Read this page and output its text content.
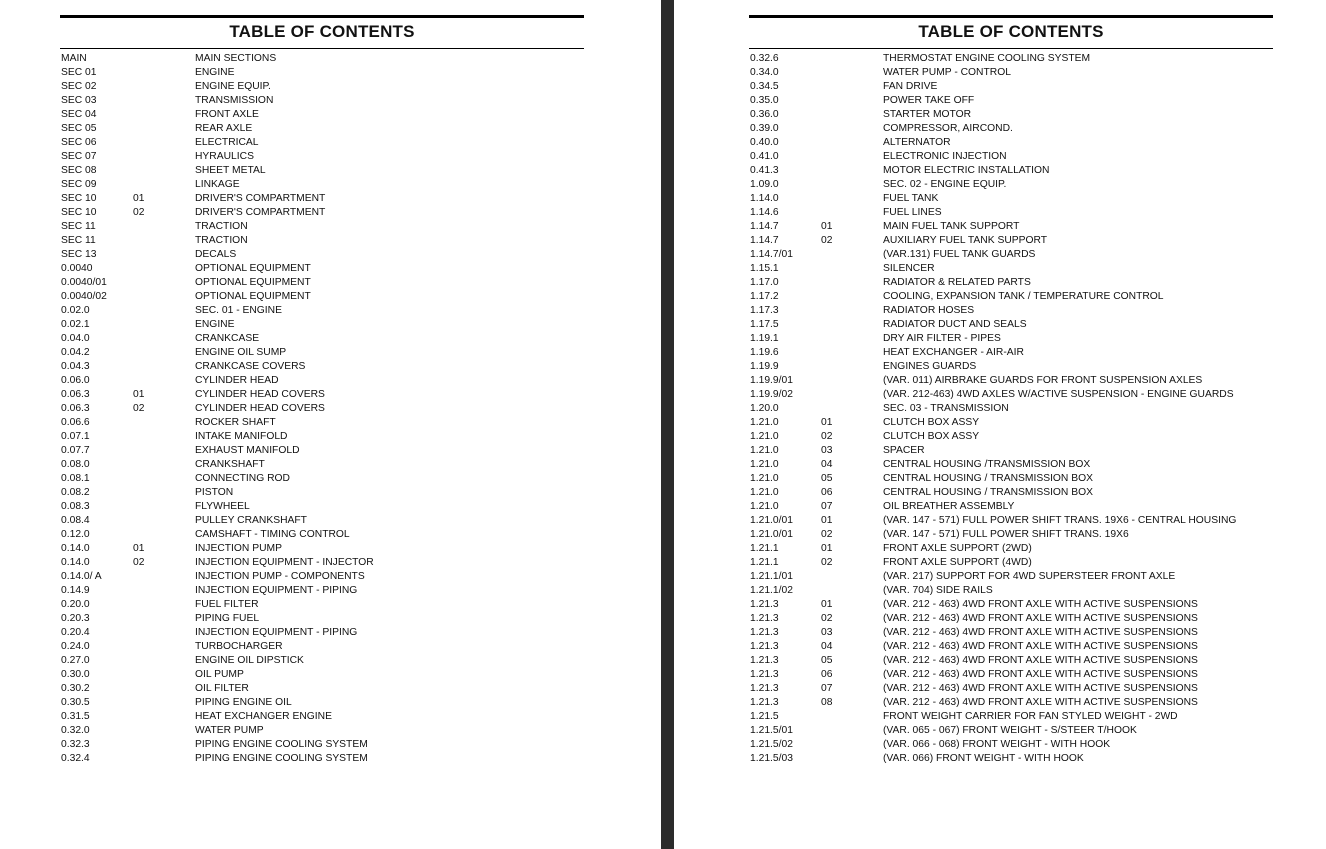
TABLE OF CONTENTS
MAIN	MAIN SECTIONS
SEC 01	ENGINE
SEC 02	ENGINE EQUIP.
SEC 03	TRANSMISSION
SEC 04	FRONT AXLE
SEC 05	REAR AXLE
SEC 06	ELECTRICAL
SEC 07	HYRAULICS
SEC 08	SHEET METAL
SEC 09	LINKAGE
SEC 10	01	DRIVER'S COMPARTMENT
SEC 10	02	DRIVER'S COMPARTMENT
SEC 11	TRACTION
SEC 11	TRACTION
SEC 13	DECALS
0.0040	OPTIONAL EQUIPMENT
0.0040/01	OPTIONAL EQUIPMENT
0.0040/02	OPTIONAL EQUIPMENT
0.02.0	SEC. 01 - ENGINE
0.02.1	ENGINE
0.04.0	CRANKCASE
0.04.2	ENGINE OIL SUMP
0.04.3	CRANKCASE COVERS
0.06.0	CYLINDER HEAD
0.06.3	01	CYLINDER HEAD COVERS
0.06.3	02	CYLINDER HEAD COVERS
0.06.6	ROCKER SHAFT
0.07.1	INTAKE MANIFOLD
0.07.7	EXHAUST MANIFOLD
0.08.0	CRANKSHAFT
0.08.1	CONNECTING ROD
0.08.2	PISTON
0.08.3	FLYWHEEL
0.08.4	PULLEY CRANKSHAFT
0.12.0	CAMSHAFT - TIMING CONTROL
0.14.0	01	INJECTION PUMP
0.14.0	02	INJECTION EQUIPMENT - INJECTOR
0.14.0/ A	INJECTION PUMP - COMPONENTS
0.14.9	INJECTION EQUIPMENT - PIPING
0.20.0	FUEL FILTER
0.20.3	PIPING FUEL
0.20.4	INJECTION EQUIPMENT - PIPING
0.24.0	TURBOCHARGER
0.27.0	ENGINE OIL DIPSTICK
0.30.0	OIL PUMP
0.30.2	OIL FILTER
0.30.5	PIPING ENGINE OIL
0.31.5	HEAT EXCHANGER ENGINE
0.32.0	WATER PUMP
0.32.3	PIPING ENGINE COOLING SYSTEM
0.32.4	PIPING ENGINE COOLING SYSTEM
TABLE OF CONTENTS
0.32.6	THERMOSTAT ENGINE COOLING SYSTEM
0.34.0	WATER PUMP - CONTROL
0.34.5	FAN DRIVE
0.35.0	POWER TAKE OFF
0.36.0	STARTER MOTOR
0.39.0	COMPRESSOR, AIRCOND.
0.40.0	ALTERNATOR
0.41.0	ELECTRONIC INJECTION
0.41.3	MOTOR ELECTRIC INSTALLATION
1.09.0	SEC. 02 - ENGINE EQUIP.
1.14.0	FUEL TANK
1.14.6	FUEL LINES
1.14.7	01	MAIN FUEL TANK SUPPORT
1.14.7	02	AUXILIARY FUEL TANK SUPPORT
1.14.7/01	(VAR.131) FUEL TANK GUARDS
1.15.1	SILENCER
1.17.0	RADIATOR & RELATED PARTS
1.17.2	COOLING, EXPANSION TANK / TEMPERATURE CONTROL
1.17.3	RADIATOR HOSES
1.17.5	RADIATOR DUCT AND SEALS
1.19.1	DRY AIR FILTER - PIPES
1.19.6	HEAT EXCHANGER - AIR-AIR
1.19.9	ENGINES GUARDS
1.19.9/01	(VAR. 011) AIRBRAKE GUARDS FOR FRONT SUSPENSION AXLES
1.19.9/02	(VAR. 212-463) 4WD AXLES W/ACTIVE SUSPENSION - ENGINE GUARDS
1.20.0	SEC. 03 - TRANSMISSION
1.21.0	01	CLUTCH BOX ASSY
1.21.0	02	CLUTCH BOX ASSY
1.21.0	03	SPACER
1.21.0	04	CENTRAL HOUSING /TRANSMISSION BOX
1.21.0	05	CENTRAL HOUSING / TRANSMISSION BOX
1.21.0	06	CENTRAL HOUSING / TRANSMISSION BOX
1.21.0	07	OIL BREATHER ASSEMBLY
1.21.0/01	01	(VAR. 147 - 571) FULL POWER SHIFT TRANS. 19X6 - CENTRAL HOUSING
1.21.0/01	02	(VAR. 147 - 571) FULL POWER SHIFT TRANS. 19X6
1.21.1	01	FRONT AXLE SUPPORT (2WD)
1.21.1	02	FRONT AXLE SUPPORT (4WD)
1.21.1/01	(VAR. 217) SUPPORT FOR 4WD SUPERSTEER FRONT AXLE
1.21.1/02	(VAR. 704) SIDE RAILS
1.21.3	01	(VAR. 212 - 463) 4WD FRONT AXLE WITH ACTIVE SUSPENSIONS
1.21.3	02	(VAR. 212 - 463) 4WD FRONT AXLE WITH ACTIVE SUSPENSIONS
1.21.3	03	(VAR. 212 - 463) 4WD FRONT AXLE WITH ACTIVE SUSPENSIONS
1.21.3	04	(VAR. 212 - 463) 4WD FRONT AXLE WITH ACTIVE SUSPENSIONS
1.21.3	05	(VAR. 212 - 463) 4WD FRONT AXLE WITH ACTIVE SUSPENSIONS
1.21.3	06	(VAR. 212 - 463) 4WD FRONT AXLE WITH ACTIVE SUSPENSIONS
1.21.3	07	(VAR. 212 - 463) 4WD FRONT AXLE WITH ACTIVE SUSPENSIONS
1.21.3	08	(VAR. 212 - 463) 4WD FRONT AXLE WITH ACTIVE SUSPENSIONS
1.21.5	FRONT WEIGHT CARRIER FOR FAN STYLED WEIGHT - 2WD
1.21.5/01	(VAR. 065 - 067) FRONT WEIGHT - S/STEER T/HOOK
1.21.5/02	(VAR. 066 - 068) FRONT WEIGHT - WITH HOOK
1.21.5/03	(VAR. 066) FRONT WEIGHT - WITH HOOK
